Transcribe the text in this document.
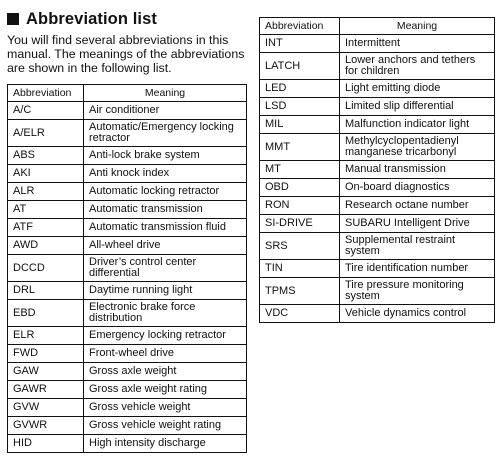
Abbreviation list
You will find several abbreviations in this manual. The meanings of the abbreviations are shown in the following list.
Abbreviation	Meaning
A/C	Air conditioner
A/ELR	Automatic/Emergency locking retractor
ABS	Anti-lock brake system
AKI	Anti knock index
ALR	Automatic locking retractor
AT	Automatic transmission
ATF	Automatic transmission fluid
AWD	All-wheel drive
DCCD	Driver’s control center differential
DRL	Daytime running light
EBD	Electronic brake force distribution
ELR	Emergency locking retractor
FWD	Front-wheel drive
GAW	Gross axle weight
GAWR	Gross axle weight rating
GVW	Gross vehicle weight
GVWR	Gross vehicle weight rating
HID	High intensity discharge
Abbreviation	Meaning
INT	Intermittent
LATCH	Lower anchors and tethers for children
LED	Light emitting diode
LSD	Limited slip differential
MIL	Malfunction indicator light
MMT	Methylcyclopentadienyl manganese tricarbonyl
MT	Manual transmission
OBD	On-board diagnostics
RON	Research octane number
SI-DRIVE	SUBARU Intelligent Drive
SRS	Supplemental restraint system
TIN	Tire identification number
TPMS	Tire pressure monitoring system
VDC	Vehicle dynamics control
